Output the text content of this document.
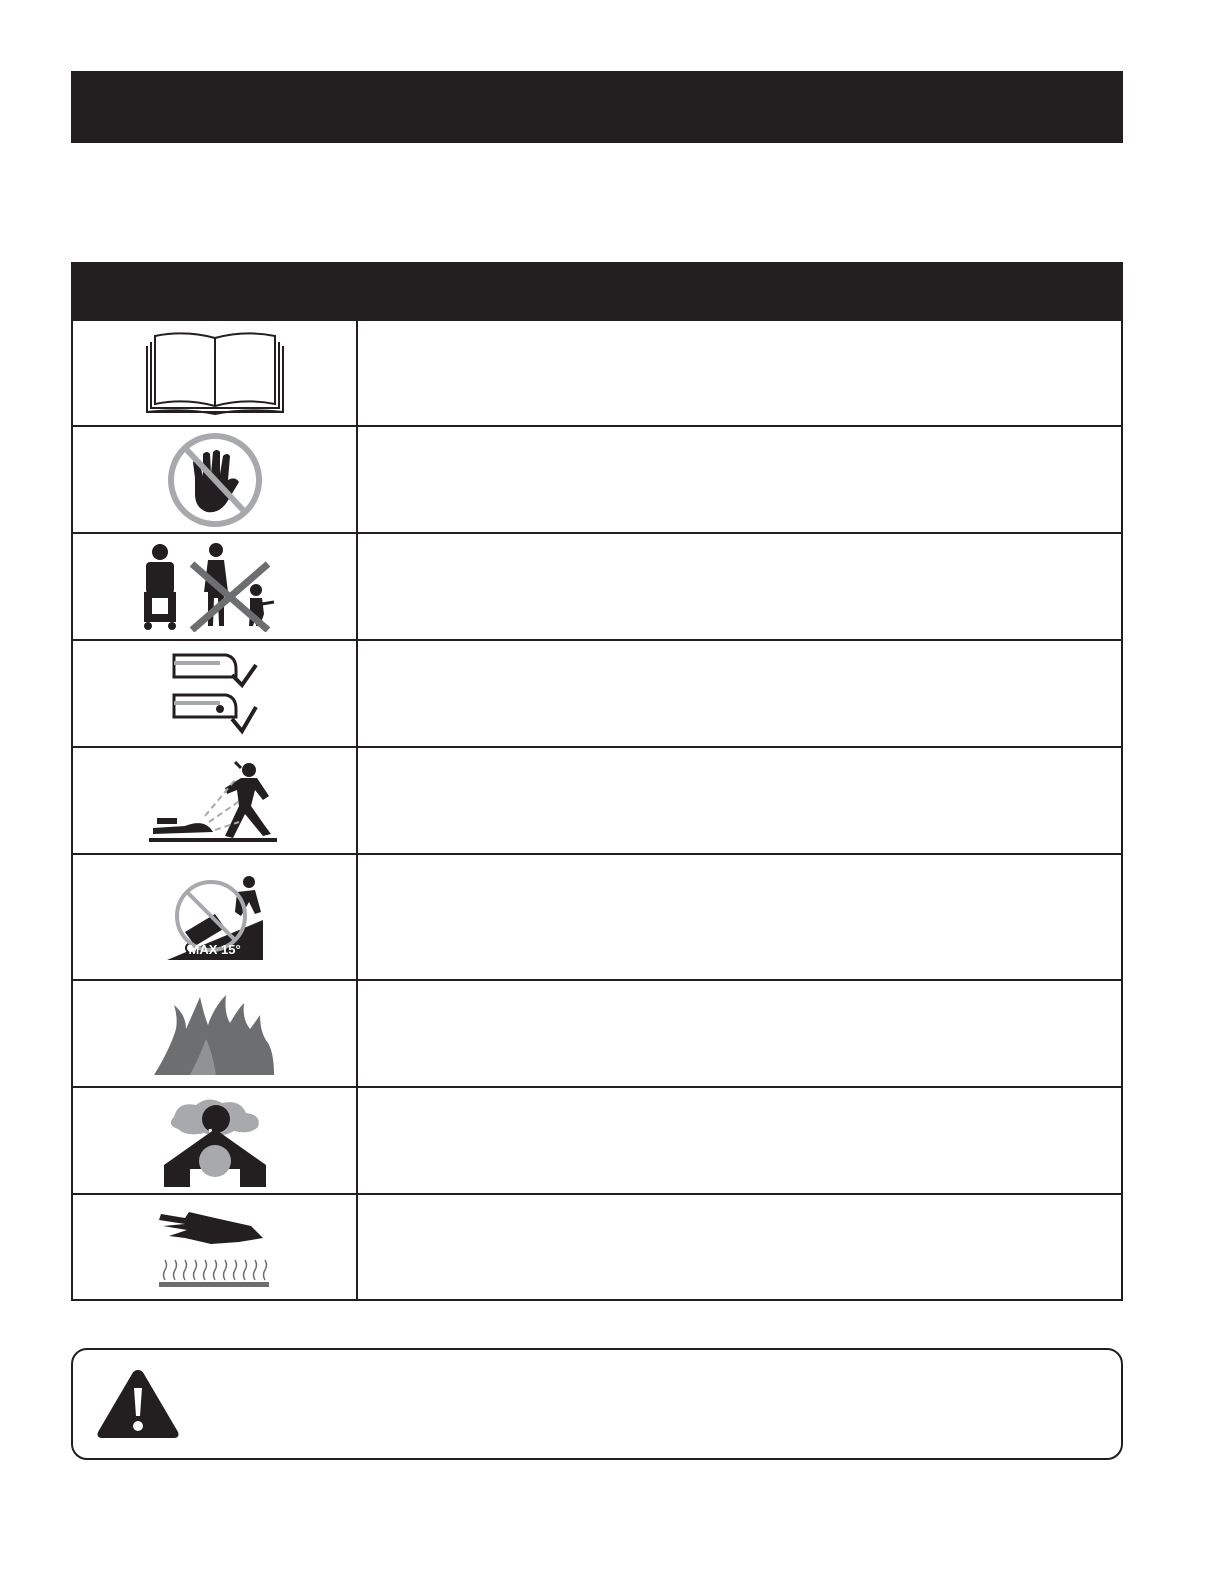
MAX 15°
